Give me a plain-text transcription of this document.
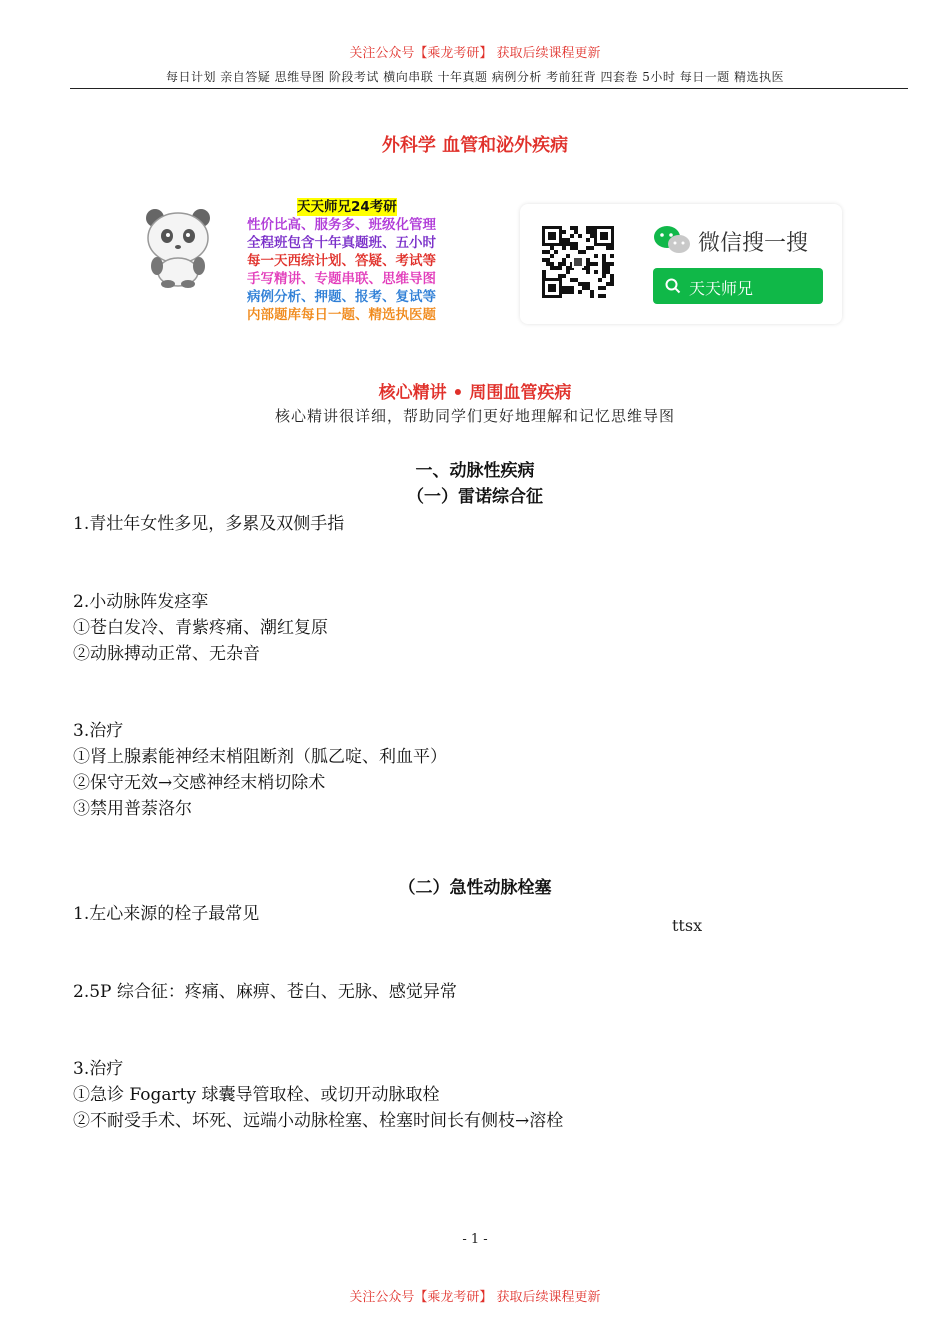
关注公众号【乘龙考研】 获取后续课程更新
每日计划 亲自答疑 思维导图 阶段考试 横向串联 十年真题 病例分析 考前狂背 四套卷 5小时 每日一题 精选执医
外科学 血管和泌外疾病
天天师兄24考研
性价比高、服务多、班级化管理
全程班包含十年真题班、五小时
每一天西综计划、答疑、考试等
手写精讲、专题串联、思维导图
病例分析、押题、报考、复试等
内部题库每日一题、精选执医题
微信搜一搜
天天师兄
核心精讲 • 周围血管疾病
核心精讲很详细，帮助同学们更好地理解和记忆思维导图
一、动脉性疾病
（一）雷诺综合征
1.青壮年女性多见，多累及双侧手指
2.小动脉阵发痉挛
①苍白发冷、青紫疼痛、潮红复原
②动脉搏动正常、无杂音
3.治疗
①肾上腺素能神经末梢阻断剂（胍乙啶、利血平）
②保守无效→交感神经末梢切除术
③禁用普萘洛尔
（二）急性动脉栓塞
1.左心来源的栓子最常见
ttsx
2.5P 综合征：疼痛、麻痹、苍白、无脉、感觉异常
3.治疗
①急诊 Fogarty 球囊导管取栓、或切开动脉取栓
②不耐受手术、坏死、远端小动脉栓塞、栓塞时间长有侧枝→溶栓
- 1 -
关注公众号【乘龙考研】 获取后续课程更新
